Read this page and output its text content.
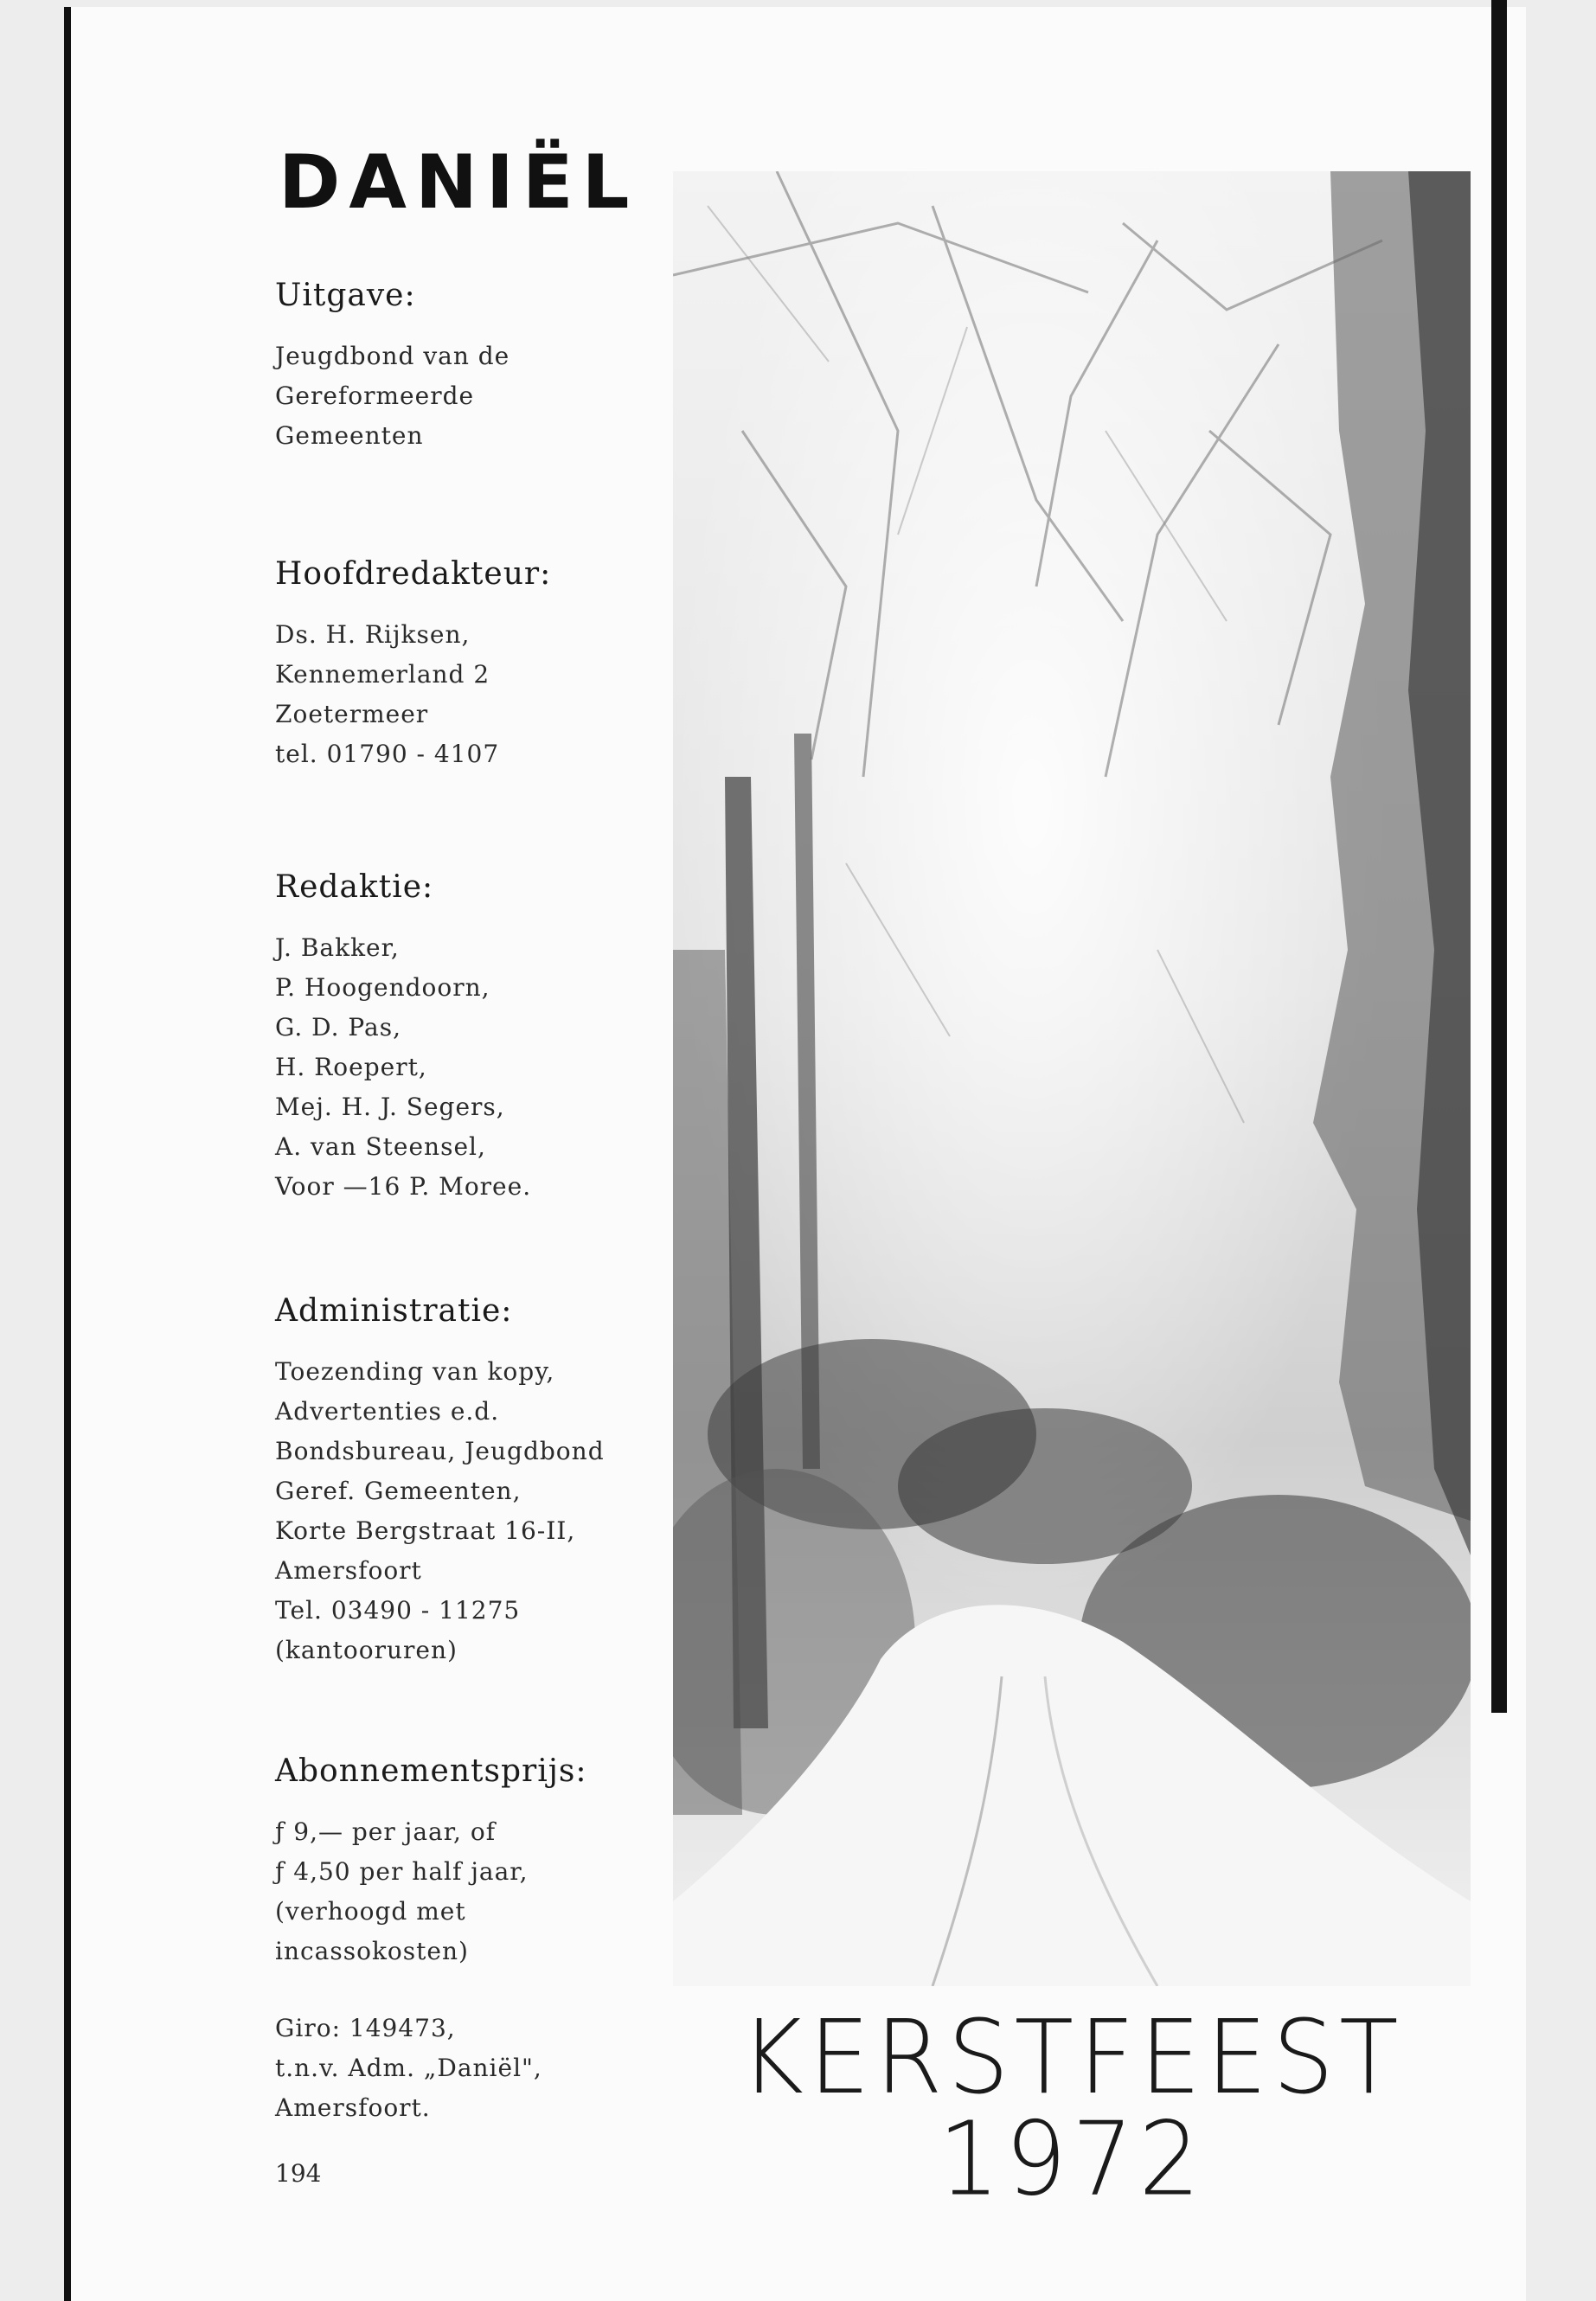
DANIËL
Uitgave:
Jeugdbond van de
Gereformeerde
Gemeenten
Hoofdredakteur:
Ds. H. Rijksen,
Kennemerland 2
Zoetermeer
tel. 01790 - 4107
Redaktie:
J. Bakker,
P. Hoogendoorn,
G. D. Pas,
H. Roepert,
Mej. H. J. Segers,
A. van Steensel,
Voor —16 P. Moree.
Administratie:
Toezending van kopy,
Advertenties e.d.
Bondsbureau, Jeugdbond
Geref. Gemeenten,
Korte Bergstraat 16-II,
Amersfoort
Tel. 03490 - 11275
(kantooruren)
Abonnementsprijs:
ƒ 9,— per jaar, of
ƒ 4,50 per half jaar,
(verhoogd met
incassokosten)
Giro: 149473,
t.n.v. Adm. „Daniël",
Amersfoort.
194
KERSTFEEST 1972
